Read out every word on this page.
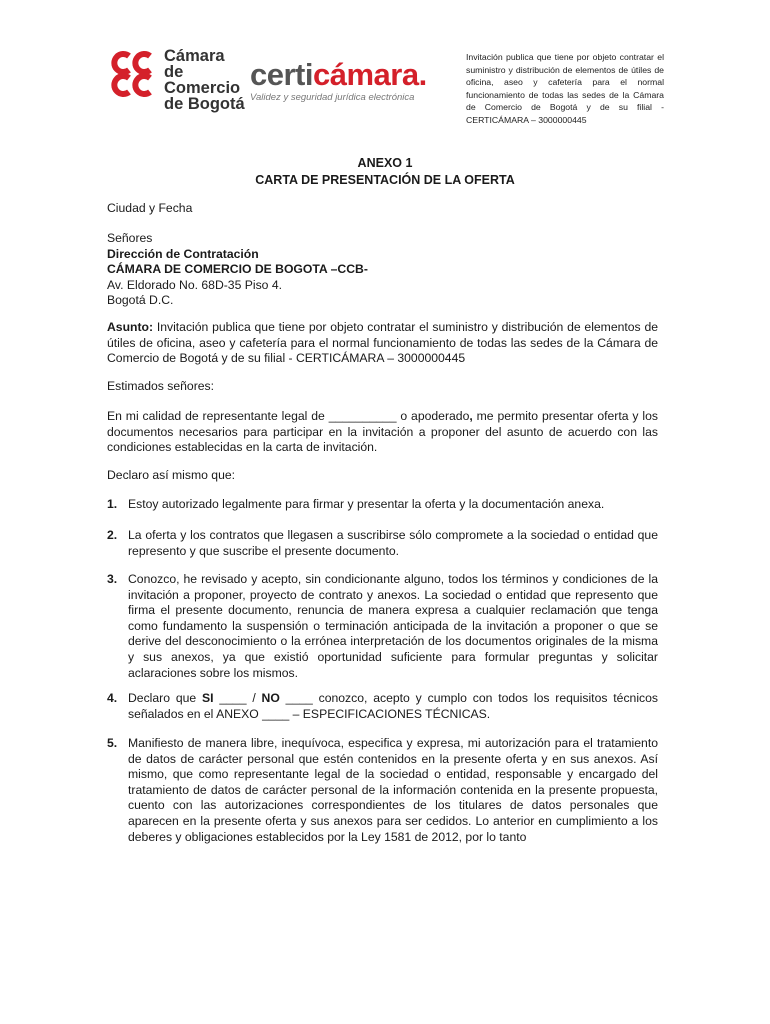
Cámara
de Comercio
de Bogotá
certicámara.
Validez y seguridad jurídica electrónica
Invitación publica que tiene por objeto contratar el suministro y distribución de elementos de útiles de oficina, aseo y cafetería para el normal funcionamiento de todas las sedes de la Cámara de Comercio de Bogotá y de su filial - CERTICÁMARA – 3000000445
ANEXO 1
CARTA DE PRESENTACIÓN DE LA OFERTA
Ciudad y Fecha
Señores
Dirección de Contratación
CÁMARA DE COMERCIO DE BOGOTA –CCB-
Av. Eldorado No. 68D-35 Piso 4.
Bogotá D.C.
Asunto: Invitación publica que tiene por objeto contratar el suministro y distribución de elementos de útiles de oficina, aseo y cafetería para el normal funcionamiento de todas las sedes de la Cámara de Comercio de Bogotá y de su filial - CERTICÁMARA – 3000000445
Estimados señores:
En mi calidad de representante legal de __________ o apoderado, me permito presentar oferta y los documentos necesarios para participar en la invitación a proponer del asunto de acuerdo con las condiciones establecidas en la carta de invitación.
Declaro así mismo que:
1. Estoy autorizado legalmente para firmar y presentar la oferta y la documentación anexa.
2. La oferta y los contratos que llegasen a suscribirse sólo compromete a la sociedad o entidad que represento y que suscribe el presente documento.
3. Conozco, he revisado y acepto, sin condicionante alguno, todos los términos y condiciones de la invitación a proponer, proyecto de contrato y anexos. La sociedad o entidad que represento que firma el presente documento, renuncia de manera expresa a cualquier reclamación que tenga como fundamento la suspensión o terminación anticipada de la invitación a proponer o que se derive del desconocimiento o la errónea interpretación de los documentos originales de la misma y sus anexos, ya que existió oportunidad suficiente para formular preguntas y solicitar aclaraciones sobre los mismos.
4. Declaro que SI ____ / NO ____ conozco, acepto y cumplo con todos los requisitos técnicos señalados en el ANEXO ____ – ESPECIFICACIONES TÉCNICAS.
5. Manifiesto de manera libre, inequívoca, especifica y expresa, mi autorización para el tratamiento de datos de carácter personal que estén contenidos en la presente oferta y en sus anexos. Así mismo, que como representante legal de la sociedad o entidad, responsable y encargado del tratamiento de datos de carácter personal de la información contenida en la presente propuesta, cuento con las autorizaciones correspondientes de los titulares de datos personales que aparecen en la presente oferta y sus anexos para ser cedidos. Lo anterior en cumplimiento a los deberes y obligaciones establecidos por la Ley 1581 de 2012, por lo tanto
